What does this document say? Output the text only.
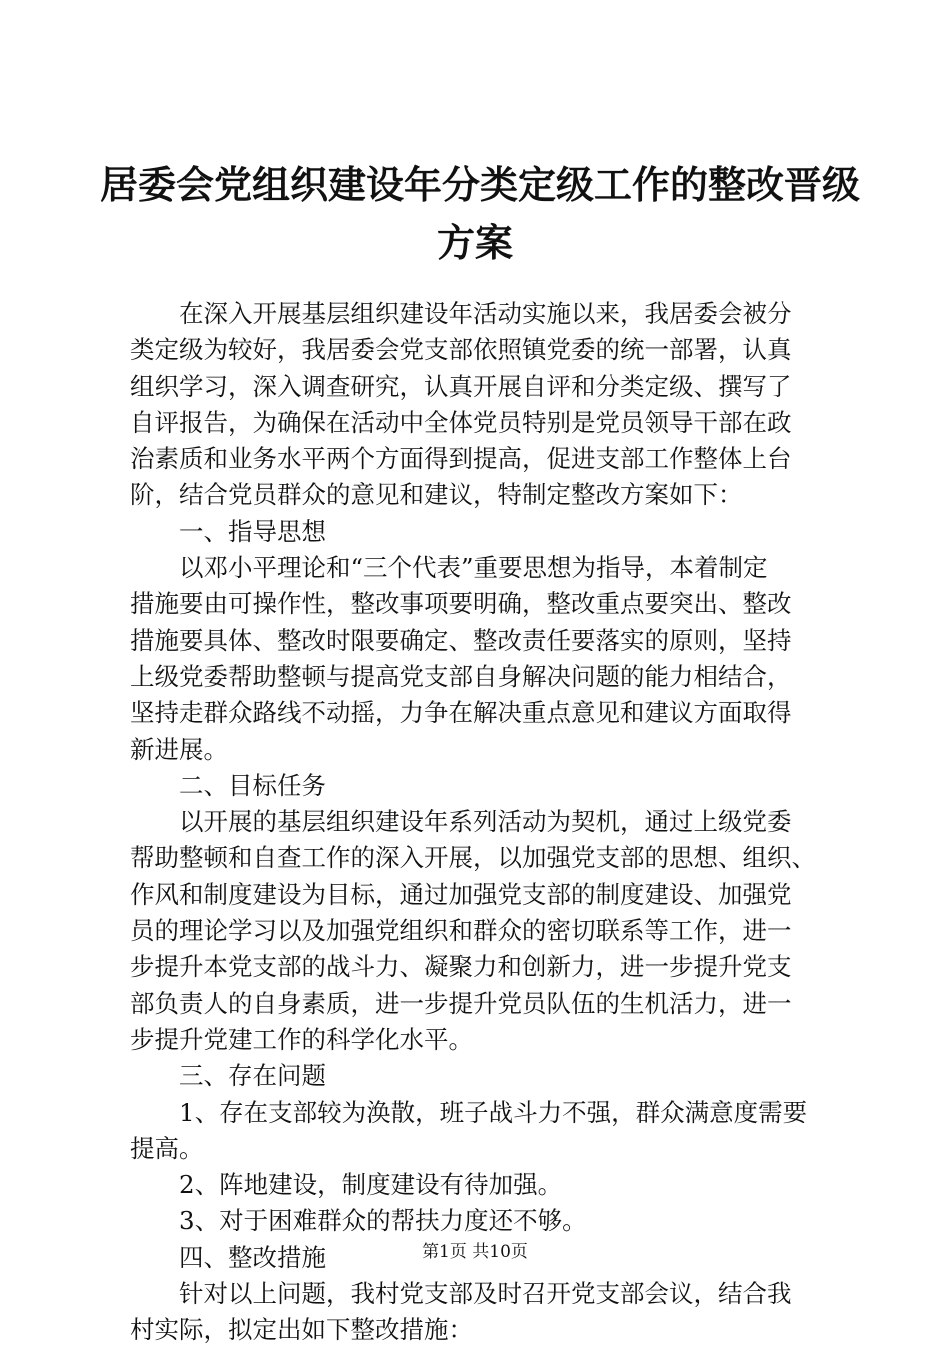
居委会党组织建设年分类定级工作的整改晋级
方案
在深入开展基层组织建设年活动实施以来，我居委会被分
类定级为较好，我居委会党支部依照镇党委的统一部署，认真
组织学习，深入调查研究，认真开展自评和分类定级、撰写了
自评报告，为确保在活动中全体党员特别是党员领导干部在政
治素质和业务水平两个方面得到提高，促进支部工作整体上台
阶，结合党员群众的意见和建议，特制定整改方案如下：
一、指导思想
以邓小平理论和“三个代表”重要思想为指导，本着制定
措施要由可操作性，整改事项要明确，整改重点要突出、整改
措施要具体、整改时限要确定、整改责任要落实的原则，坚持
上级党委帮助整顿与提高党支部自身解决问题的能力相结合，
坚持走群众路线不动摇，力争在解决重点意见和建议方面取得
新进展。
二、目标任务
以开展的基层组织建设年系列活动为契机，通过上级党委
帮助整顿和自查工作的深入开展，以加强党支部的思想、组织、
作风和制度建设为目标，通过加强党支部的制度建设、加强党
员的理论学习以及加强党组织和群众的密切联系等工作，进一
步提升本党支部的战斗力、凝聚力和创新力，进一步提升党支
部负责人的自身素质，进一步提升党员队伍的生机活力，进一
步提升党建工作的科学化水平。
三、存在问题
1、存在支部较为涣散，班子战斗力不强，群众满意度需要
提高。
2、阵地建设，制度建设有待加强。
3、对于困难群众的帮扶力度还不够。
四、整改措施
针对以上问题，我村党支部及时召开党支部会议，结合我
村实际，拟定出如下整改措施：
第1页 共10页
